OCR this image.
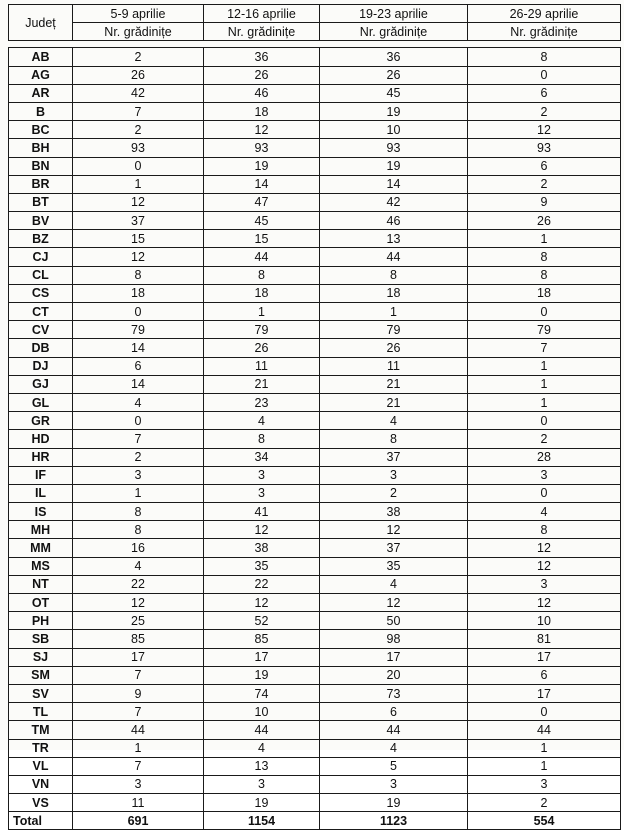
Județ	5-9 aprilie	12-16 aprilie	19-23 aprilie	26-29 aprilie
	Nr. grădinițe	Nr. grădinițe	Nr. grădinițe	Nr. grădinițe

AB	2	36	36	8
AG	26	26	26	0
AR	42	46	45	6
B	7	18	19	2
BC	2	12	10	12
BH	93	93	93	93
BN	0	19	19	6
BR	1	14	14	2
BT	12	47	42	9
BV	37	45	46	26
BZ	15	15	13	1
CJ	12	44	44	8
CL	8	8	8	8
CS	18	18	18	18
CT	0	1	1	0
CV	79	79	79	79
DB	14	26	26	7
DJ	6	11	11	1
GJ	14	21	21	1
GL	4	23	21	1
GR	0	4	4	0
HD	7	8	8	2
HR	2	34	37	28
IF	3	3	3	3
IL	1	3	2	0
IS	8	41	38	4
MH	8	12	12	8
MM	16	38	37	12
MS	4	35	35	12
NT	22	22	4	3
OT	12	12	12	12
PH	25	52	50	10
SB	85	85	98	81
SJ	17	17	17	17
SM	7	19	20	6
SV	9	74	73	17
TL	7	10	6	0
TM	44	44	44	44
TR	1	4	4	1
VL	7	13	5	1
VN	3	3	3	3
VS	11	19	19	2
Total	691	1154	1123	554
